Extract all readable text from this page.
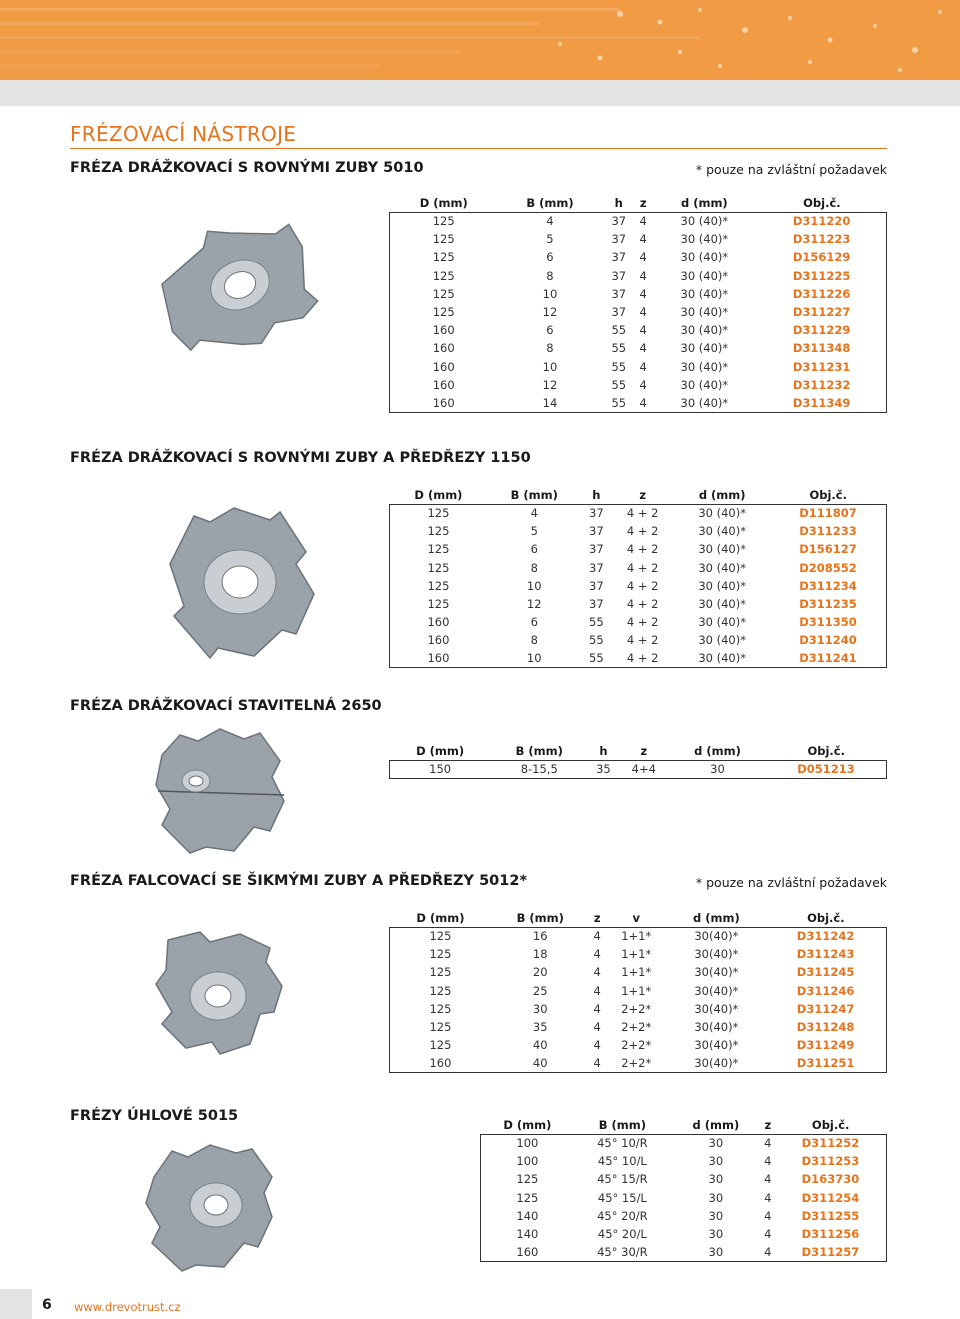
FRÉZOVACÍ NÁSTROJE
FRÉZA DRÁŽKOVACÍ S ROVNÝMI ZUBY 5010	* pouze na zvláštní požadavek
D (mm)	B (mm)	h	z	d (mm)	Obj.č.
125	4	37	4	30 (40)*	D311220
125	5	37	4	30 (40)*	D311223
125	6	37	4	30 (40)*	D156129
125	8	37	4	30 (40)*	D311225
125	10	37	4	30 (40)*	D311226
125	12	37	4	30 (40)*	D311227
160	6	55	4	30 (40)*	D311229
160	8	55	4	30 (40)*	D311348
160	10	55	4	30 (40)*	D311231
160	12	55	4	30 (40)*	D311232
160	14	55	4	30 (40)*	D311349
FRÉZA DRÁŽKOVACÍ S ROVNÝMI ZUBY A PŘEDŘEZY 1150
D (mm)	B (mm)	h	z	d (mm)	Obj.č.
125	4	37	4 + 2	30 (40)*	D111807
125	5	37	4 + 2	30 (40)*	D311233
125	6	37	4 + 2	30 (40)*	D156127
125	8	37	4 + 2	30 (40)*	D208552
125	10	37	4 + 2	30 (40)*	D311234
125	12	37	4 + 2	30 (40)*	D311235
160	6	55	4 + 2	30 (40)*	D311350
160	8	55	4 + 2	30 (40)*	D311240
160	10	55	4 + 2	30 (40)*	D311241
FRÉZA DRÁŽKOVACÍ STAVITELNÁ 2650
D (mm)	B (mm)	h	z	d (mm)	Obj.č.
150	8-15,5	35	4+4	30	D051213
FRÉZA FALCOVACÍ SE ŠIKMÝMI ZUBY A PŘEDŘEZY 5012*	* pouze na zvláštní požadavek
D (mm)	B (mm)	z	v	d (mm)	Obj.č.
125	16	4	1+1*	30(40)*	D311242
125	18	4	1+1*	30(40)*	D311243
125	20	4	1+1*	30(40)*	D311245
125	25	4	1+1*	30(40)*	D311246
125	30	4	2+2*	30(40)*	D311247
125	35	4	2+2*	30(40)*	D311248
125	40	4	2+2*	30(40)*	D311249
160	40	4	2+2*	30(40)*	D311251
FRÉZY ÚHLOVÉ 5015
D (mm)	B (mm)	d (mm)	z	Obj.č.
100	45° 10/R	30	4	D311252
100	45° 10/L	30	4	D311253
125	45° 15/R	30	4	D163730
125	45° 15/L	30	4	D311254
140	45° 20/R	30	4	D311255
140	45° 20/L	30	4	D311256
160	45° 30/R	30	4	D311257
6 www.drevotrust.cz
